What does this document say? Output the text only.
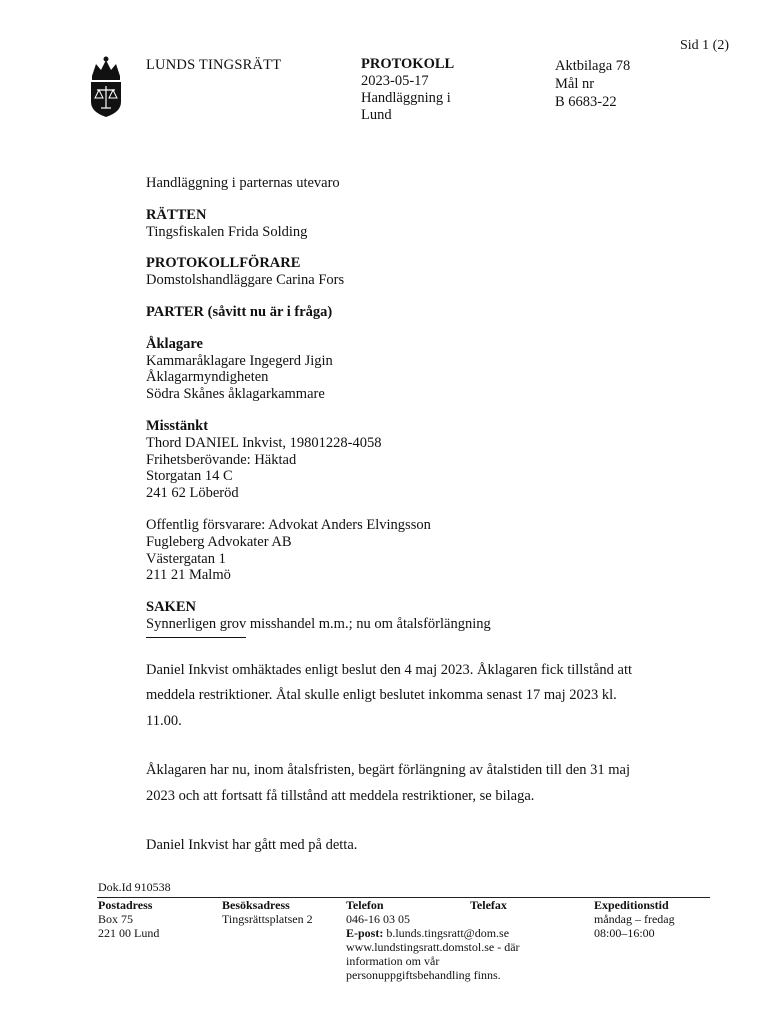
Sid 1 (2)
LUNDS TINGSRÄTT	PROTOKOLL
2023-05-17
Handläggning i
Lund
Aktbilaga 78
Mål nr
B 6683-22
Handläggning i parternas utevaro
RÄTTEN
Tingsfiskalen Frida Solding
PROTOKOLLFÖRARE
Domstolshandläggare Carina Fors
PARTER (såvitt nu är i fråga)
Åklagare
Kammaråklagare Ingegerd Jigin
Åklagarmyndigheten
Södra Skånes åklagarkammare
Misstänkt
Thord DANIEL Inkvist, 19801228-4058
Frihetsberövande: Häktad
Storgatan 14 C
241 62 Löberöd
Offentlig försvarare: Advokat Anders Elvingsson
Fugleberg Advokater AB
Västergatan 1
211 21 Malmö
SAKEN
Synnerligen grov misshandel m.m.; nu om åtalsförlängning
Daniel Inkvist omhäktades enligt beslut den 4 maj 2023. Åklagaren fick tillstånd att
meddela restriktioner. Åtal skulle enligt beslutet inkomma senast 17 maj 2023 kl.
11.00.
Åklagaren har nu, inom åtalsfristen, begärt förlängning av åtalstiden till den 31 maj
2023 och att fortsatt få tillstånd att meddela restriktioner, se bilaga.
Daniel Inkvist har gått med på detta.
Dok.Id 910538
Postadress
Box 75
221 00 Lund
Besöksadress
Tingsrättsplatsen 2
Telefon
046-16 03 05
E-post: b.lunds.tingsratt@dom.se
www.lundstingsratt.domstol.se - där
information om vår
personuppgiftsbehandling finns.
Telefax	Expeditionstid
måndag – fredag
08:00–16:00
